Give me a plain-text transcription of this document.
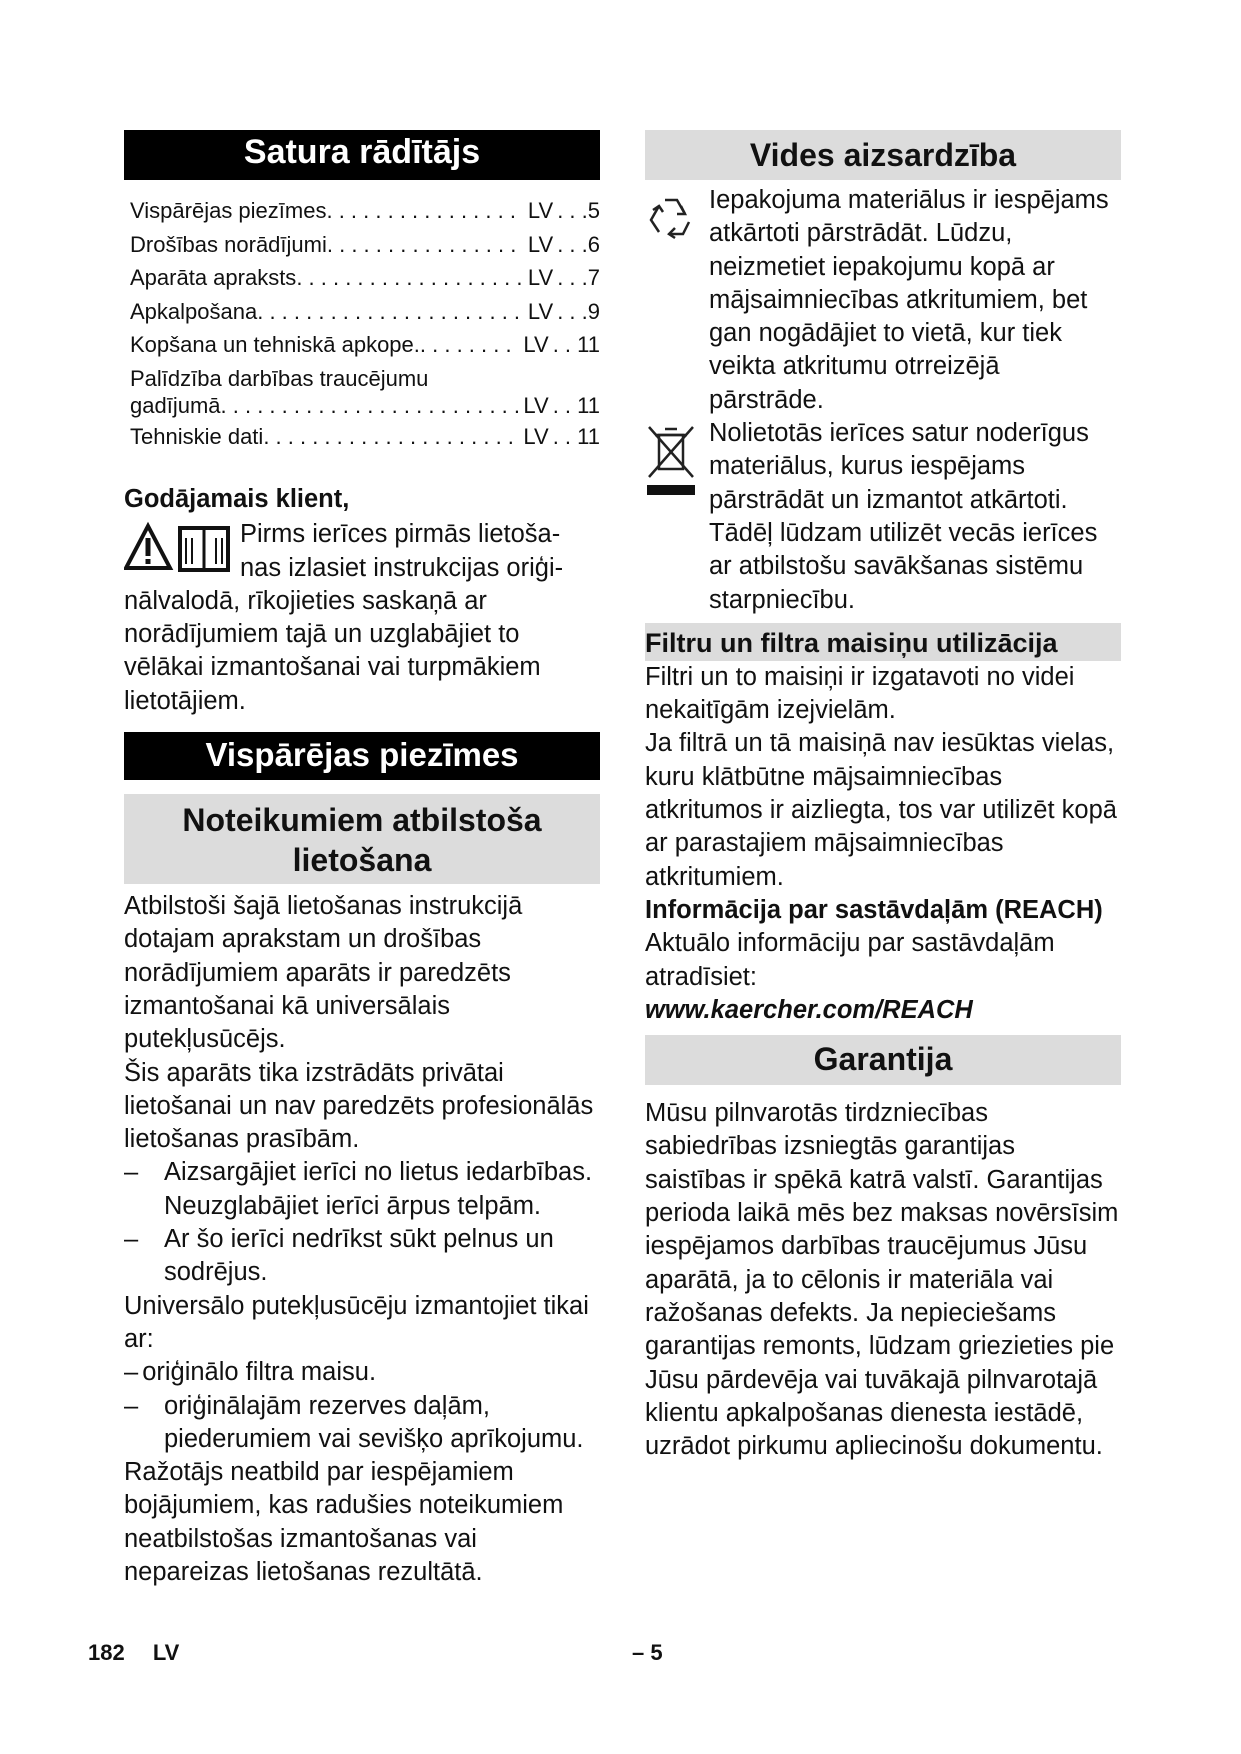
Satura rādītājs
Vispārējas piezīmes . . .	LV . . .5
Drošības norādījumi . . .	LV . . .6
Aparāta apraksts . . .	LV . . .7
Apkalpošana . . .	LV . . .9
Kopšana un tehniskā apkope. . . .	LV . . 11
Palīdzība darbības traucējumu
gadījumā . . .	LV . . 11
Tehniskie dati . . .	LV . . 11

Godājamais klient,

Pirms ierīces pirmās lietoša-
nas izlasiet instrukcijas oriģi-

nālvalodā, rīkojieties saskaņā ar norādījumiem tajā un uzglabājiet to vēlākai izmantošanai vai turpmākiem lietotājiem.

Vispārējas piezīmes
Noteikumiem atbilstoša lietošana

Atbilstoši šajā lietošanas instrukcijā dotajam aprakstam un drošības norādījumiem aparāts ir paredzēts izmantošanai kā universālais putekļusūcējs.

Šis aparāts tika izstrādāts privātai lietošanai un nav paredzēts profesionālās lietošanas prasībām.

–	Aizsargājiet ierīci no lietus iedarbības. Neuzglabājiet ierīci ārpus telpām.
–	Ar šo ierīci nedrīkst sūkt pelnus un sodrējus.

Universālo putekļusūcēju izmantojiet tikai ar:

– oriģinālo filtra maisu.
–	oriģinālajām rezerves daļām, piederumiem vai sevišķo aprīkojumu.

Ražotājs neatbild par iespējamiem bojājumiem, kas radušies noteikumiem neatbilstošas izmantošanas vai nepareizas lietošanas rezultātā.

Vides aizsardzība

Iepakojuma materiālus ir iespējams atkārtoti pārstrādāt. Lūdzu, neizmetiet iepakojumu kopā ar mājsaimniecības atkritumiem, bet gan nogādājiet to vietā, kur tiek veikta atkritumu otrreizējā pārstrāde.

Nolietotās ierīces satur noderīgus materiālus, kurus iespējams pārstrādāt un izmantot atkārtoti. Tādēļ lūdzam utilizēt vecās ierīces ar atbilstošu savākšanas sistēmu starpniecību.

Filtru un filtra maisiņu utilizācija

Filtri un to maisiņi ir izgatavoti no videi nekaitīgām izejvielām.

Ja filtrā un tā maisiņā nav iesūktas vielas, kuru klātbūtne mājsaimniecības atkritumos ir aizliegta, tos var utilizēt kopā ar parastajiem mājsaimniecības atkritumiem.

Informācija par sastāvdaļām (REACH)

Aktuālo informāciju par sastāvdaļām atradīsiet:

www.kaercher.com/REACH

Garantija

Mūsu pilnvarotās tirdzniecības sabiedrības izsniegtās garantijas saistības ir spēkā katrā valstī. Garantijas perioda laikā mēs bez maksas novērsīsim iespējamos darbības traucējumus Jūsu aparātā, ja to cēlonis ir materiāla vai ražošanas defekts. Ja nepieciešams garantijas remonts, lūdzam griezieties pie Jūsu pārdevēja vai tuvākajā pilnvarotajā klientu apkalpošanas dienesta iestādē, uzrādot pirkumu apliecinošu dokumentu.

182 LV	– 5
